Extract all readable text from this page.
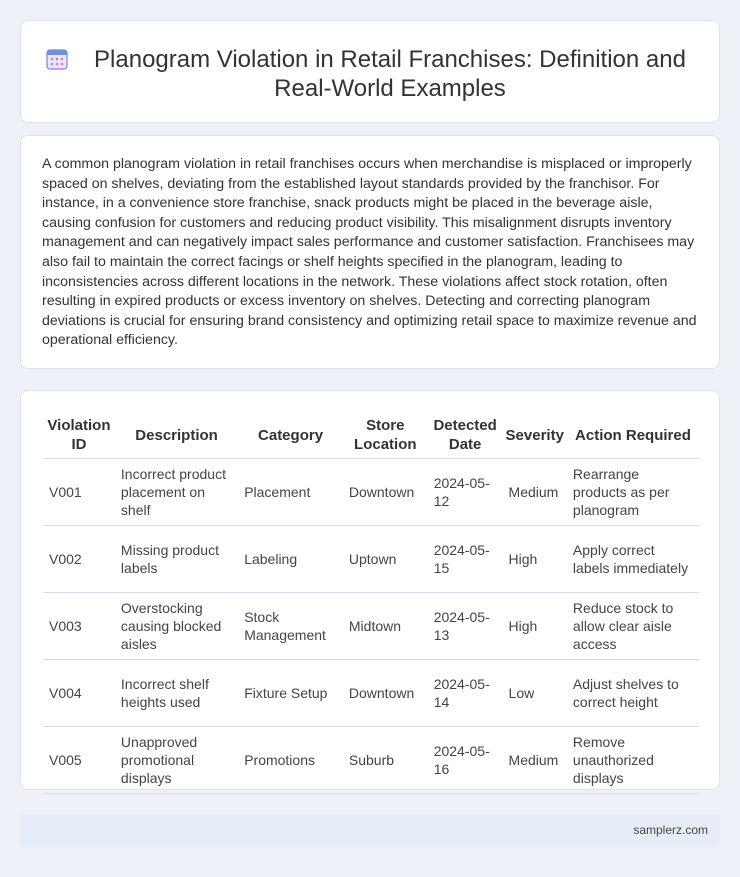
Planogram Violation in Retail Franchises: Definition and Real-World Examples

A common planogram violation in retail franchises occurs when merchandise is misplaced or improperly spaced on shelves, deviating from the established layout standards provided by the franchisor. For instance, in a convenience store franchise, snack products might be placed in the beverage aisle, causing confusion for customers and reducing product visibility. This misalignment disrupts inventory management and can negatively impact sales performance and customer satisfaction. Franchisees may also fail to maintain the correct facings or shelf heights specified in the planogram, leading to inconsistencies across different locations in the network. These violations affect stock rotation, often resulting in expired products or excess inventory on shelves. Detecting and correcting planogram deviations is crucial for ensuring brand consistency and optimizing retail space to maximize revenue and operational efficiency.

Violation ID	Description	Category	Store Location	Detected Date	Severity	Action Required
V001	Incorrect product placement on shelf	Placement	Downtown	2024-05-12	Medium	Rearrange products as per planogram
V002	Missing product labels	Labeling	Uptown	2024-05-15	High	Apply correct labels immediately
V003	Overstocking causing blocked aisles	Stock Management	Midtown	2024-05-13	High	Reduce stock to allow clear aisle access
V004	Incorrect shelf heights used	Fixture Setup	Downtown	2024-05-14	Low	Adjust shelves to correct height
V005	Unapproved promotional displays	Promotions	Suburb	2024-05-16	Medium	Remove unauthorized displays
samplerz.com
